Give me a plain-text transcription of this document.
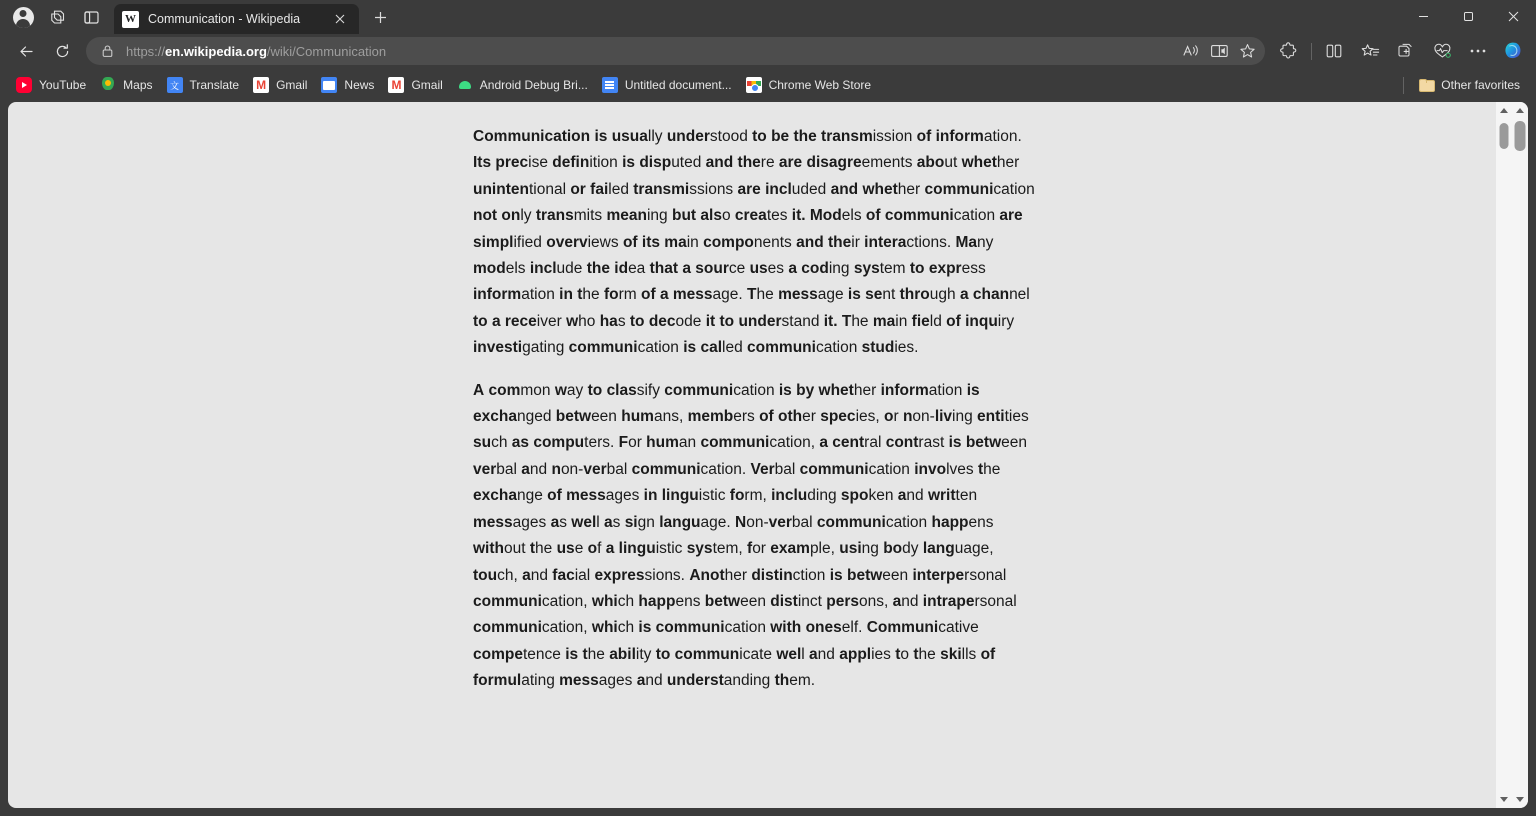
W Communication - Wikipedia
https://en.wikipedia.org/wiki/Communication
YouTube	Maps 文	Translate M	Gmail	News M	Gmail	Android Debug Bri...	Untitled document...	Chrome Web Store	Other favorites

Communication is usually understood to be the transmission of information. Its precise definition is disputed and there are disagreements about whether unintentional or failed transmissions are included and whether communication not only transmits meaning but also creates it. Models of communication are simplified overviews of its main components and their interactions. Many models include the idea that a source uses a coding system to express information in the form of a message. The message is sent through a channel to a receiver who has to decode it to understand it. The main field of inquiry investigating communication is called communication studies.

A common way to classify communication is by whether information is exchanged between humans, members of other species, or non-living entities such as computers. For human communication, a central contrast is between verbal and non-verbal communication. Verbal communication involves the exchange of messages in linguistic form, including spoken and written messages as well as sign language. Non-verbal communication happens without the use of a linguistic system, for example, using body language, touch, and facial expressions. Another distinction is between interpersonal communication, which happens between distinct persons, and intrapersonal communication, which is communication with oneself. Communicative competence is the ability to communicate well and applies to the skills of formulating messages and understanding them.
